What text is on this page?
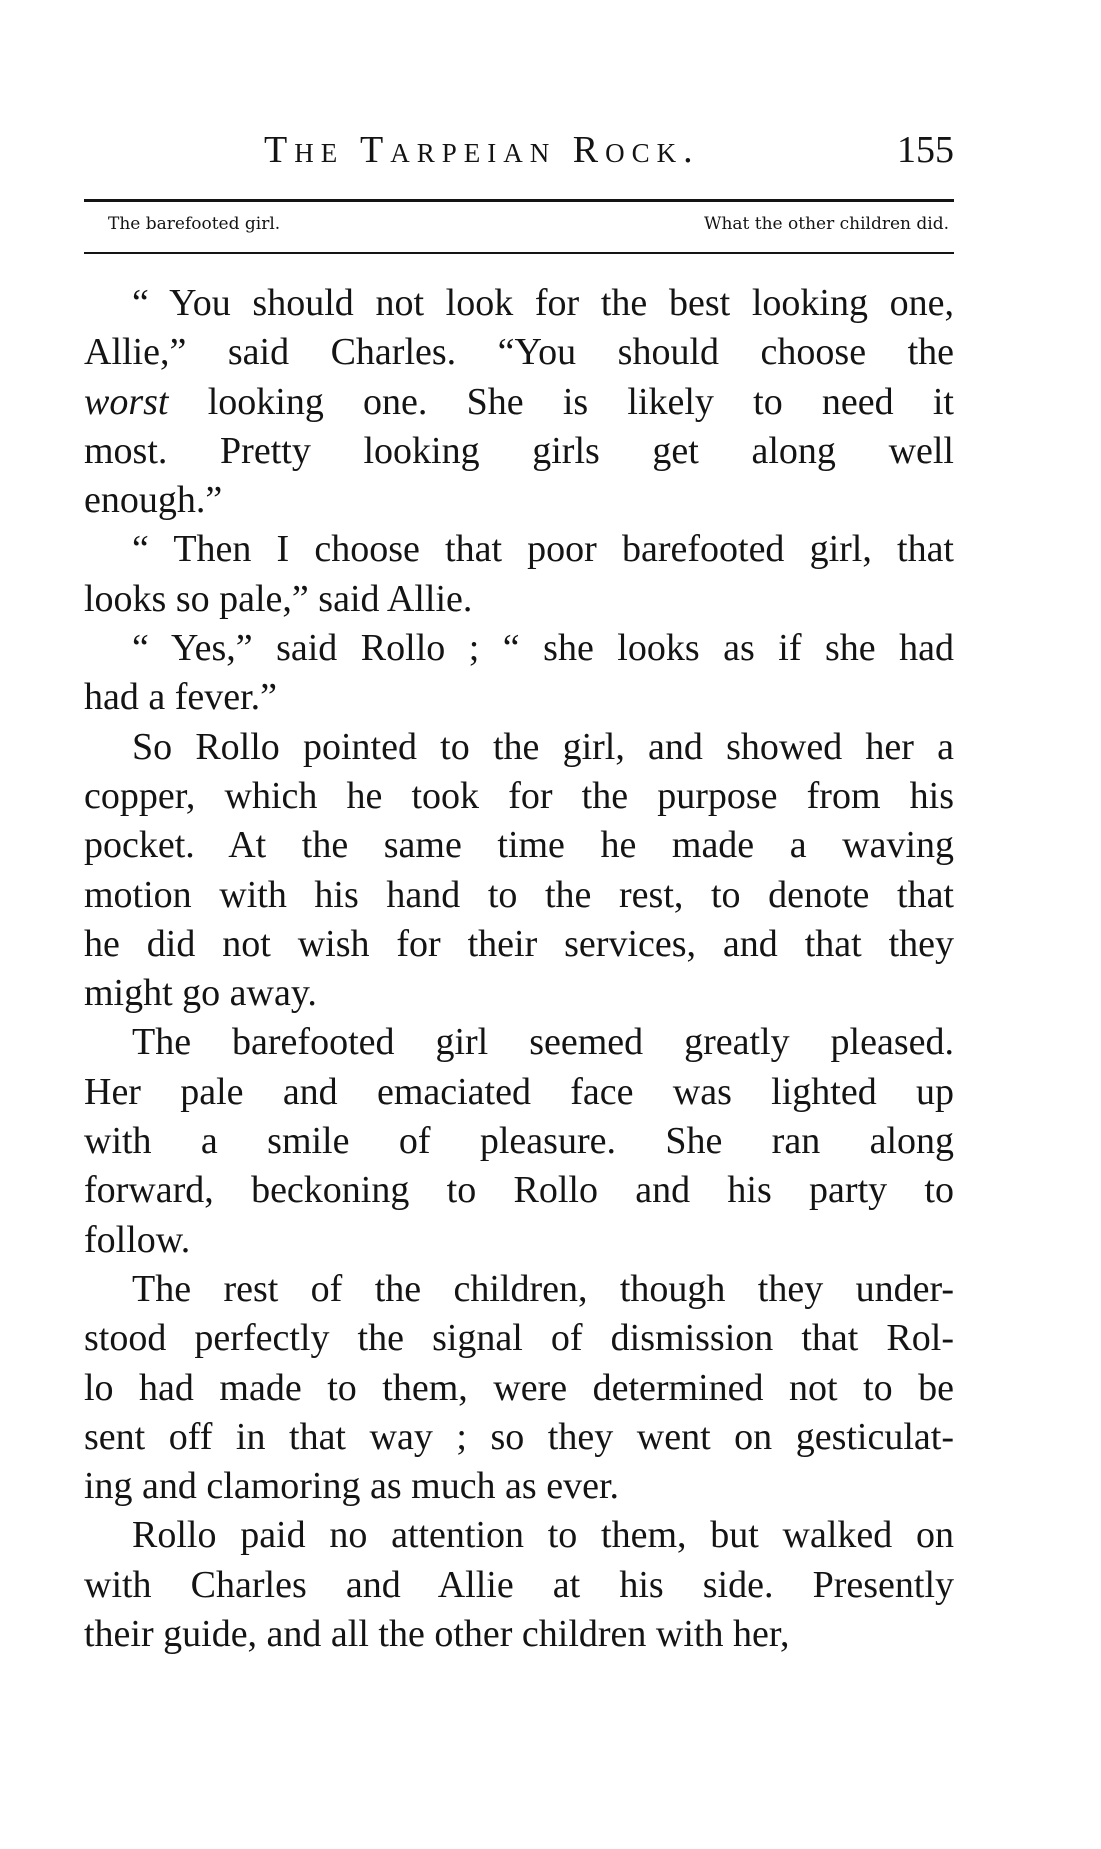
The Tarpeian Rock.	155
The barefooted girl.	What the other children did.
“ You should not look for the best looking one,
Allie,” said Charles. “You should choose the
worst looking one. She is likely to need it
most. Pretty looking girls get along well
enough.”
“ Then I choose that poor barefooted girl, that
looks so pale,” said Allie.
“ Yes,” said Rollo ; “ she looks as if she had
had a fever.”
So Rollo pointed to the girl, and showed her a
copper, which he took for the purpose from his
pocket. At the same time he made a waving
motion with his hand to the rest, to denote that
he did not wish for their services, and that they
might go away.
The barefooted girl seemed greatly pleased.
Her pale and emaciated face was lighted up
with a smile of pleasure. She ran along
forward, beckoning to Rollo and his party to
follow.
The rest of the children, though they under-
stood perfectly the signal of dismission that Rol-
lo had made to them, were determined not to be
sent off in that way ; so they went on gesticulat-
ing and clamoring as much as ever.
Rollo paid no attention to them, but walked on
with Charles and Allie at his side. Presently
their guide, and all the other children with her,
